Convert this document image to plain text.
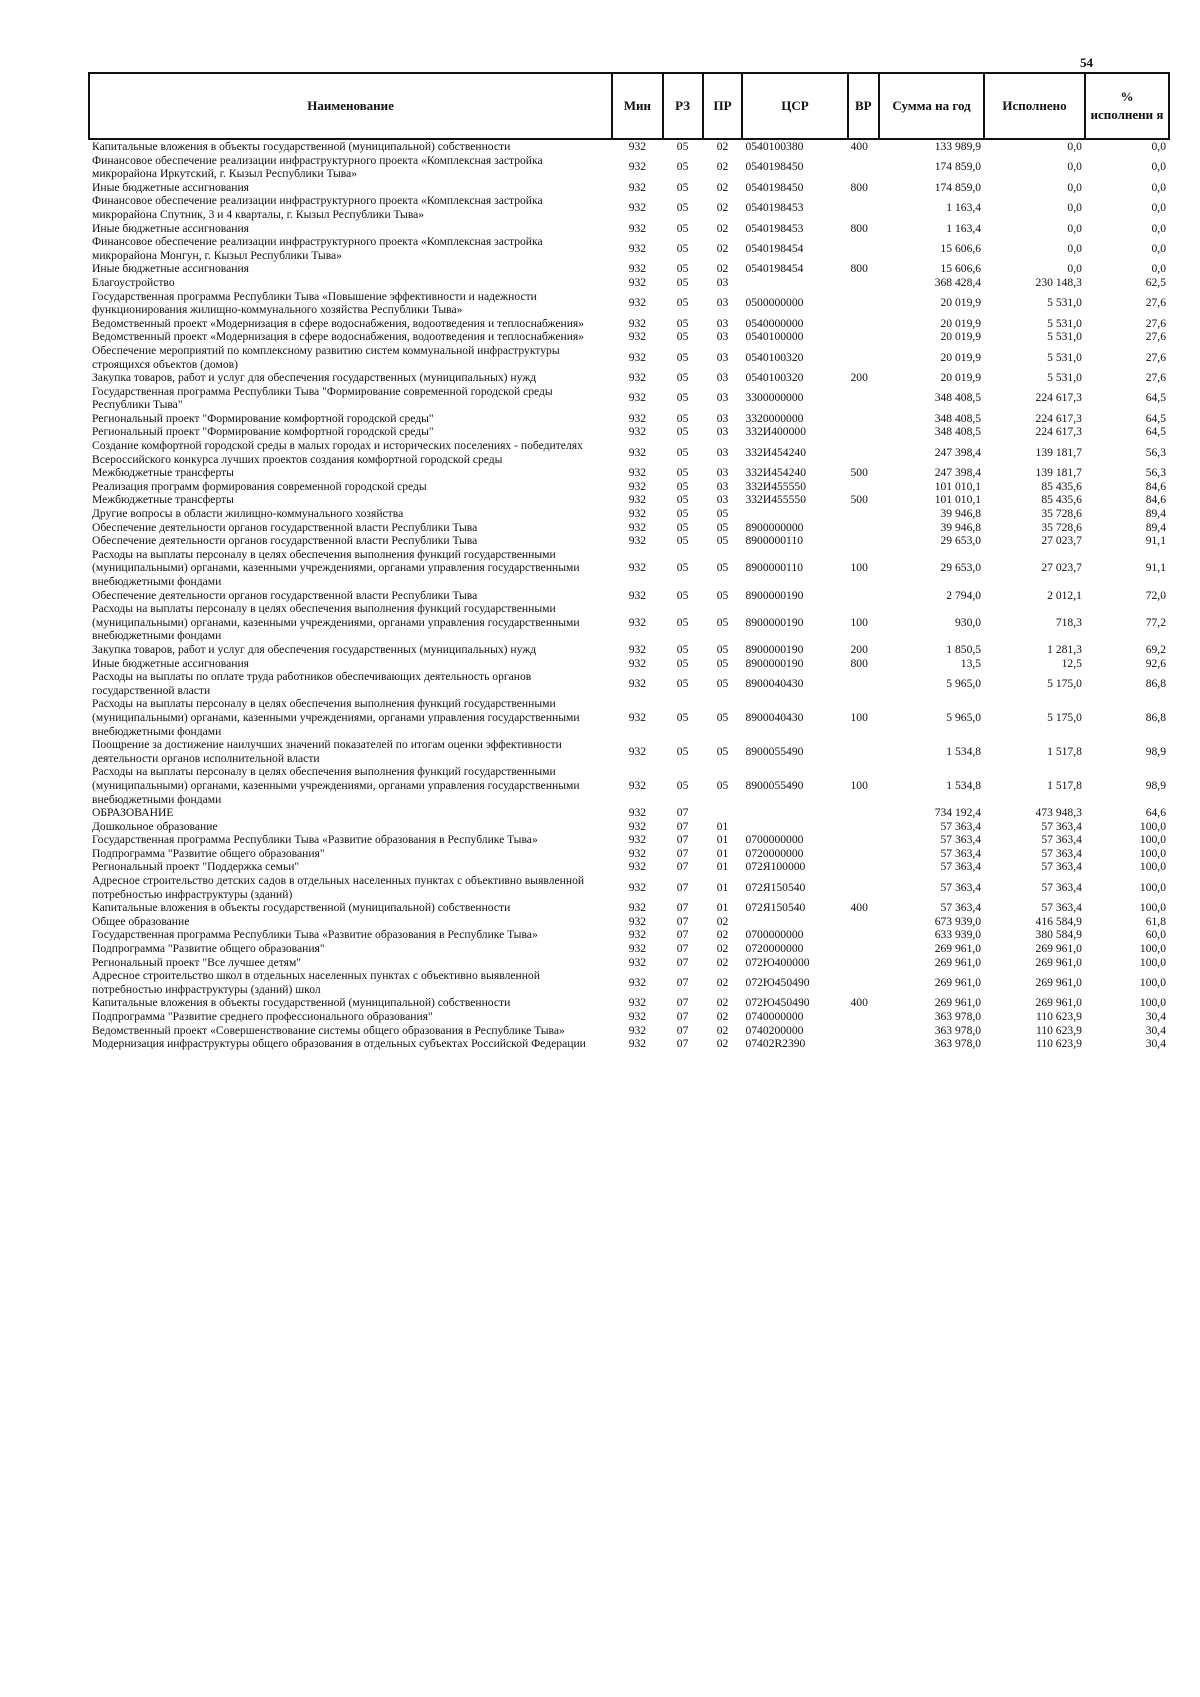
54
Наименование	Мин	РЗ	ПР	ЦСР	ВР	Сумма на год	Исполнено	% исполнени я
Капитальные вложения в объекты государственной (муниципальной) собственности	932	05	02	0540100380	400	133 989,9	0,0	0,0
Финансовое обеспечение реализации инфраструктурного проекта «Комплексная застройка микрорайона Иркутский, г. Кызыл Республики Тыва»	932	05	02	0540198450		174 859,0	0,0	0,0
Иные бюджетные ассигнования	932	05	02	0540198450	800	174 859,0	0,0	0,0
Финансовое обеспечение реализации инфраструктурного проекта «Комплексная застройка микрорайона Спутник, 3 и 4 кварталы, г. Кызыл Республики Тыва»	932	05	02	0540198453		1 163,4	0,0	0,0
Иные бюджетные ассигнования	932	05	02	0540198453	800	1 163,4	0,0	0,0
Финансовое обеспечение реализации инфраструктурного проекта «Комплексная застройка микрорайона Монгун, г. Кызыл Республики Тыва»	932	05	02	0540198454		15 606,6	0,0	0,0
Иные бюджетные ассигнования	932	05	02	0540198454	800	15 606,6	0,0	0,0
Благоустройство	932	05	03			368 428,4	230 148,3	62,5
Государственная программа Республики Тыва «Повышение эффективности и надежности функционирования жилищно-коммунального хозяйства Республики Тыва»	932	05	03	0500000000		20 019,9	5 531,0	27,6
Ведомственный проект «Модернизация в сфере водоснабжения, водоотведения и теплоснабжения»	932	05	03	0540000000		20 019,9	5 531,0	27,6
Ведомственный проект «Модернизация в сфере водоснабжения, водоотведения и теплоснабжения»	932	05	03	0540100000		20 019,9	5 531,0	27,6
Обеспечение мероприятий по комплексному развитию систем коммунальной инфраструктуры строящихся объектов (домов)	932	05	03	0540100320		20 019,9	5 531,0	27,6
Закупка товаров, работ и услуг для обеспечения государственных (муниципальных) нужд	932	05	03	0540100320	200	20 019,9	5 531,0	27,6
Государственная программа Республики Тыва "Формирование современной городской среды Республики Тыва"	932	05	03	3300000000		348 408,5	224 617,3	64,5
Региональный проект "Формирование комфортной городской среды"	932	05	03	3320000000		348 408,5	224 617,3	64,5
Региональный проект "Формирование комфортной городской среды"	932	05	03	332И400000		348 408,5	224 617,3	64,5
Создание комфортной городской среды в малых городах и исторических поселениях - победителях Всероссийского конкурса лучших проектов создания комфортной городской среды	932	05	03	332И454240		247 398,4	139 181,7	56,3
Межбюджетные трансферты	932	05	03	332И454240	500	247 398,4	139 181,7	56,3
Реализация программ формирования современной городской среды	932	05	03	332И455550		101 010,1	85 435,6	84,6
Межбюджетные трансферты	932	05	03	332И455550	500	101 010,1	85 435,6	84,6
Другие вопросы в области жилищно-коммунального хозяйства	932	05	05			39 946,8	35 728,6	89,4
Обеспечение деятельности органов государственной власти Республики Тыва	932	05	05	8900000000		39 946,8	35 728,6	89,4
Обеспечение деятельности органов государственной власти Республики Тыва	932	05	05	8900000110		29 653,0	27 023,7	91,1
Расходы на выплаты персоналу в целях обеспечения выполнения функций государственными (муниципальными) органами, казенными учреждениями, органами управления государственными внебюджетными фондами	932	05	05	8900000110	100	29 653,0	27 023,7	91,1
Обеспечение деятельности органов государственной власти Республики Тыва	932	05	05	8900000190		2 794,0	2 012,1	72,0
Расходы на выплаты персоналу в целях обеспечения выполнения функций государственными (муниципальными) органами, казенными учреждениями, органами управления государственными внебюджетными фондами	932	05	05	8900000190	100	930,0	718,3	77,2
Закупка товаров, работ и услуг для обеспечения государственных (муниципальных) нужд	932	05	05	8900000190	200	1 850,5	1 281,3	69,2
Иные бюджетные ассигнования	932	05	05	8900000190	800	13,5	12,5	92,6
Расходы на выплаты по оплате труда работников обеспечивающих деятельность органов государственной власти	932	05	05	8900040430		5 965,0	5 175,0	86,8
Расходы на выплаты персоналу в целях обеспечения выполнения функций государственными (муниципальными) органами, казенными учреждениями, органами управления государственными внебюджетными фондами	932	05	05	8900040430	100	5 965,0	5 175,0	86,8
Поощрение за достижение наилучших значений показателей по итогам оценки эффективности деятельности органов исполнительной власти	932	05	05	8900055490		1 534,8	1 517,8	98,9
Расходы на выплаты персоналу в целях обеспечения выполнения функций государственными (муниципальными) органами, казенными учреждениями, органами управления государственными внебюджетными фондами	932	05	05	8900055490	100	1 534,8	1 517,8	98,9
ОБРАЗОВАНИЕ	932	07				734 192,4	473 948,3	64,6
Дошкольное образование	932	07	01			57 363,4	57 363,4	100,0
Государственная программа Республики Тыва «Развитие образования в Республике Тыва»	932	07	01	0700000000		57 363,4	57 363,4	100,0
Подпрограмма "Развитие общего образования"	932	07	01	0720000000		57 363,4	57 363,4	100,0
Региональный проект "Поддержка семьи"	932	07	01	072Я100000		57 363,4	57 363,4	100,0
Адресное строительство детских садов в отдельных населенных пунктах с объективно выявленной потребностью инфраструктуры (зданий)	932	07	01	072Я150540		57 363,4	57 363,4	100,0
Капитальные вложения в объекты государственной (муниципальной) собственности	932	07	01	072Я150540	400	57 363,4	57 363,4	100,0
Общее образование	932	07	02			673 939,0	416 584,9	61,8
Государственная программа Республики Тыва «Развитие образования в Республике Тыва»	932	07	02	0700000000		633 939,0	380 584,9	60,0
Подпрограмма "Развитие общего образования"	932	07	02	0720000000		269 961,0	269 961,0	100,0
Региональный проект "Все лучшее детям"	932	07	02	072Ю400000		269 961,0	269 961,0	100,0
Адресное строительство школ в отдельных населенных пунктах с объективно выявленной потребностью инфраструктуры (зданий) школ	932	07	02	072Ю450490		269 961,0	269 961,0	100,0
Капитальные вложения в объекты государственной (муниципальной) собственности	932	07	02	072Ю450490	400	269 961,0	269 961,0	100,0
Подпрограмма "Развитие среднего профессионального образования"	932	07	02	0740000000		363 978,0	110 623,9	30,4
Ведомственный проект «Совершенствование системы общего образования в Республике Тыва»	932	07	02	0740200000		363 978,0	110 623,9	30,4
Модернизация инфраструктуры общего образования в отдельных субъектах Российской Федерации	932	07	02	07402R2390		363 978,0	110 623,9	30,4
